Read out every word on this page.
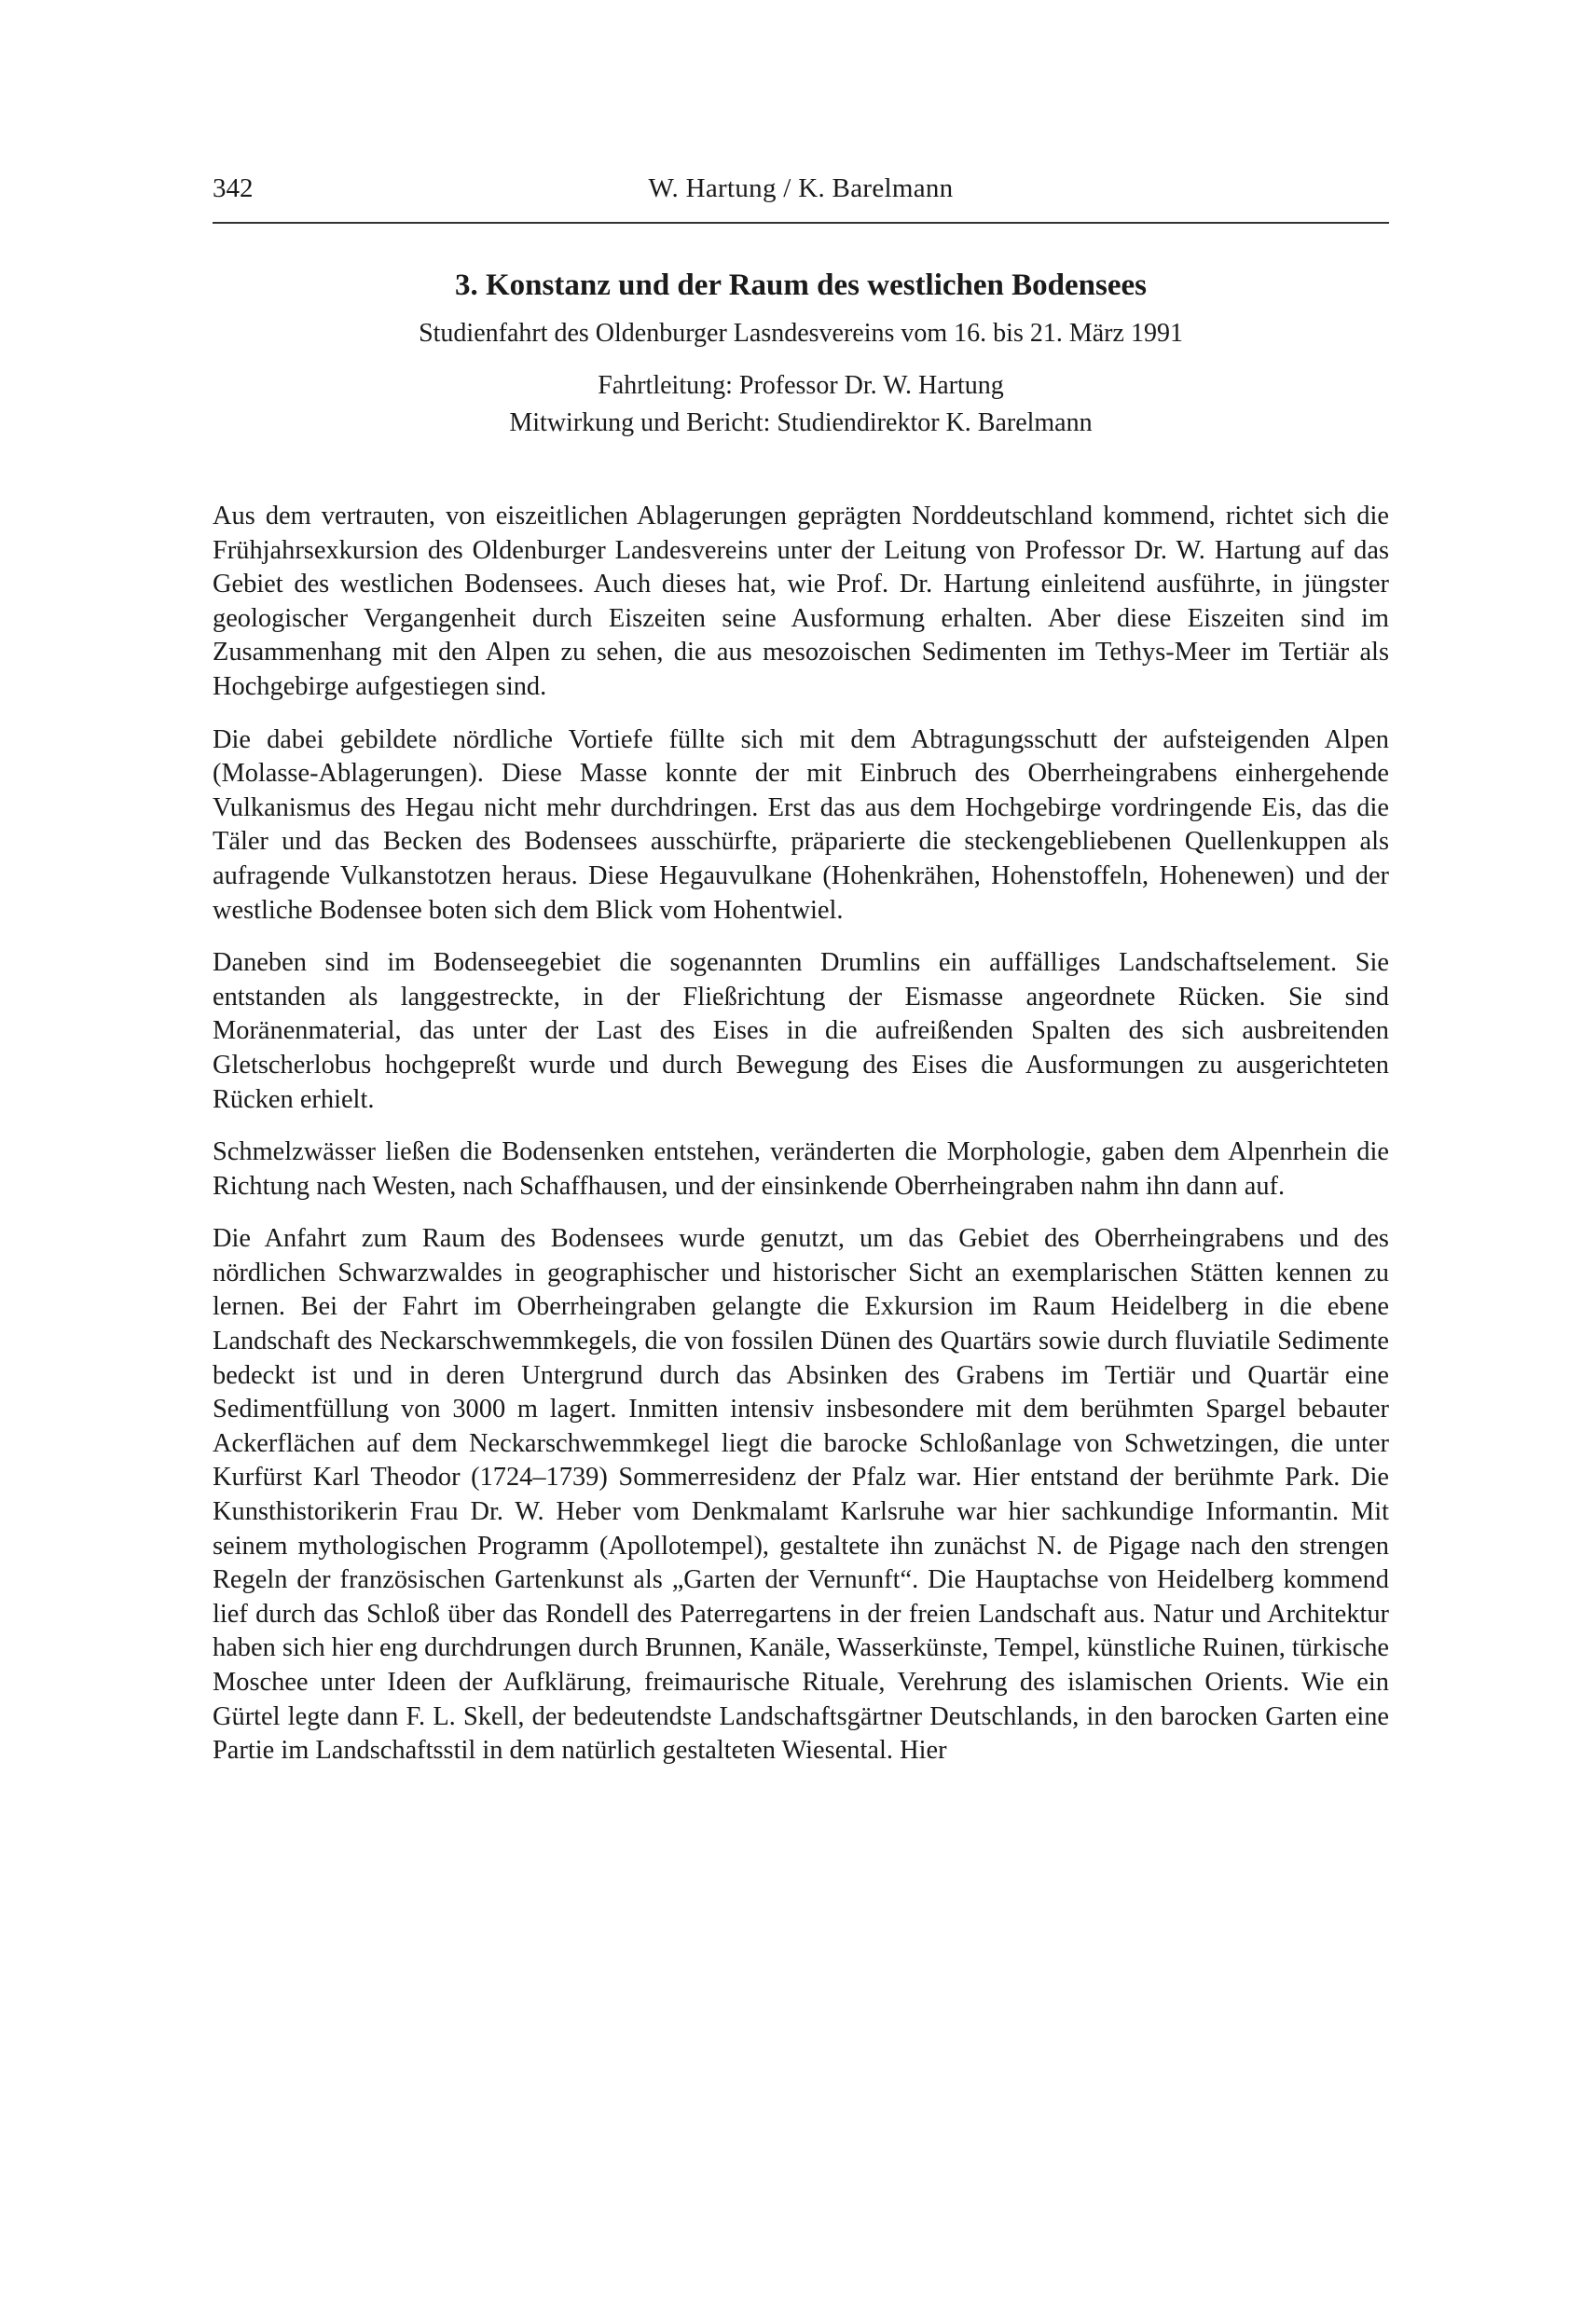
342	W. Hartung / K. Barelmann
3. Konstanz und der Raum des westlichen Bodensees
Studienfahrt des Oldenburger Lasndesvereins vom 16. bis 21. März 1991
Fahrtleitung: Professor Dr. W. Hartung
Mitwirkung und Bericht: Studiendirektor K. Barelmann

Aus dem vertrauten, von eiszeitlichen Ablagerungen geprägten Norddeutschland kommend, richtet sich die Frühjahrsexkursion des Oldenburger Landesvereins unter der Leitung von Professor Dr. W. Hartung auf das Gebiet des westlichen Bodensees. Auch dieses hat, wie Prof. Dr. Hartung einleitend ausführte, in jüngster geologischer Vergangenheit durch Eiszeiten seine Ausformung erhalten. Aber diese Eiszeiten sind im Zusammenhang mit den Alpen zu sehen, die aus mesozoischen Sedimenten im Tethys-Meer im Tertiär als Hochgebirge aufgestiegen sind.

Die dabei gebildete nördliche Vortiefe füllte sich mit dem Abtragungsschutt der aufsteigenden Alpen (Molasse-Ablagerungen). Diese Masse konnte der mit Einbruch des Oberrheingrabens einhergehende Vulkanismus des Hegau nicht mehr durchdringen. Erst das aus dem Hochgebirge vordringende Eis, das die Täler und das Becken des Bodensees ausschürfte, präparierte die steckengebliebenen Quellenkuppen als aufragende Vulkanstotzen heraus. Diese Hegauvulkane (Hohenkrähen, Hohenstoffeln, Hohenewen) und der westliche Bodensee boten sich dem Blick vom Hohentwiel.

Daneben sind im Bodenseegebiet die sogenannten Drumlins ein auffälliges Landschaftselement. Sie entstanden als langgestreckte, in der Fließrichtung der Eismasse angeordnete Rücken. Sie sind Moränenmaterial, das unter der Last des Eises in die aufreißenden Spalten des sich ausbreitenden Gletscherlobus hochgepreßt wurde und durch Bewegung des Eises die Ausformungen zu ausgerichteten Rücken erhielt.

Schmelzwässer ließen die Bodensenken entstehen, veränderten die Morphologie, gaben dem Alpenrhein die Richtung nach Westen, nach Schaffhausen, und der einsinkende Oberrheingraben nahm ihn dann auf.

Die Anfahrt zum Raum des Bodensees wurde genutzt, um das Gebiet des Oberrheingrabens und des nördlichen Schwarzwaldes in geographischer und historischer Sicht an exemplarischen Stätten kennen zu lernen. Bei der Fahrt im Oberrheingraben gelangte die Exkursion im Raum Heidelberg in die ebene Landschaft des Neckarschwemmkegels, die von fossilen Dünen des Quartärs sowie durch fluviatile Sedimente bedeckt ist und in deren Untergrund durch das Absinken des Grabens im Tertiär und Quartär eine Sedimentfüllung von 3000 m lagert. Inmitten intensiv insbesondere mit dem berühmten Spargel bebauter Ackerflächen auf dem Neckarschwemmkegel liegt die barocke Schloßanlage von Schwetzingen, die unter Kurfürst Karl Theodor (1724–1739) Sommerresidenz der Pfalz war. Hier entstand der berühmte Park. Die Kunsthistorikerin Frau Dr. W. Heber vom Denkmalamt Karlsruhe war hier sachkundige Informantin. Mit seinem mythologischen Programm (Apollotempel), gestaltete ihn zunächst N. de Pigage nach den strengen Regeln der französischen Gartenkunst als „Garten der Vernunft“. Die Hauptachse von Heidelberg kommend lief durch das Schloß über das Rondell des Paterregartens in der freien Landschaft aus. Natur und Architektur haben sich hier eng durchdrungen durch Brunnen, Kanäle, Wasserkünste, Tempel, künstliche Ruinen, türkische Moschee unter Ideen der Aufklärung, freimaurische Rituale, Verehrung des islamischen Orients. Wie ein Gürtel legte dann F. L. Skell, der bedeutendste Landschaftsgärtner Deutschlands, in den barocken Garten eine Partie im Landschaftsstil in dem natürlich gestalteten Wiesental. Hier
